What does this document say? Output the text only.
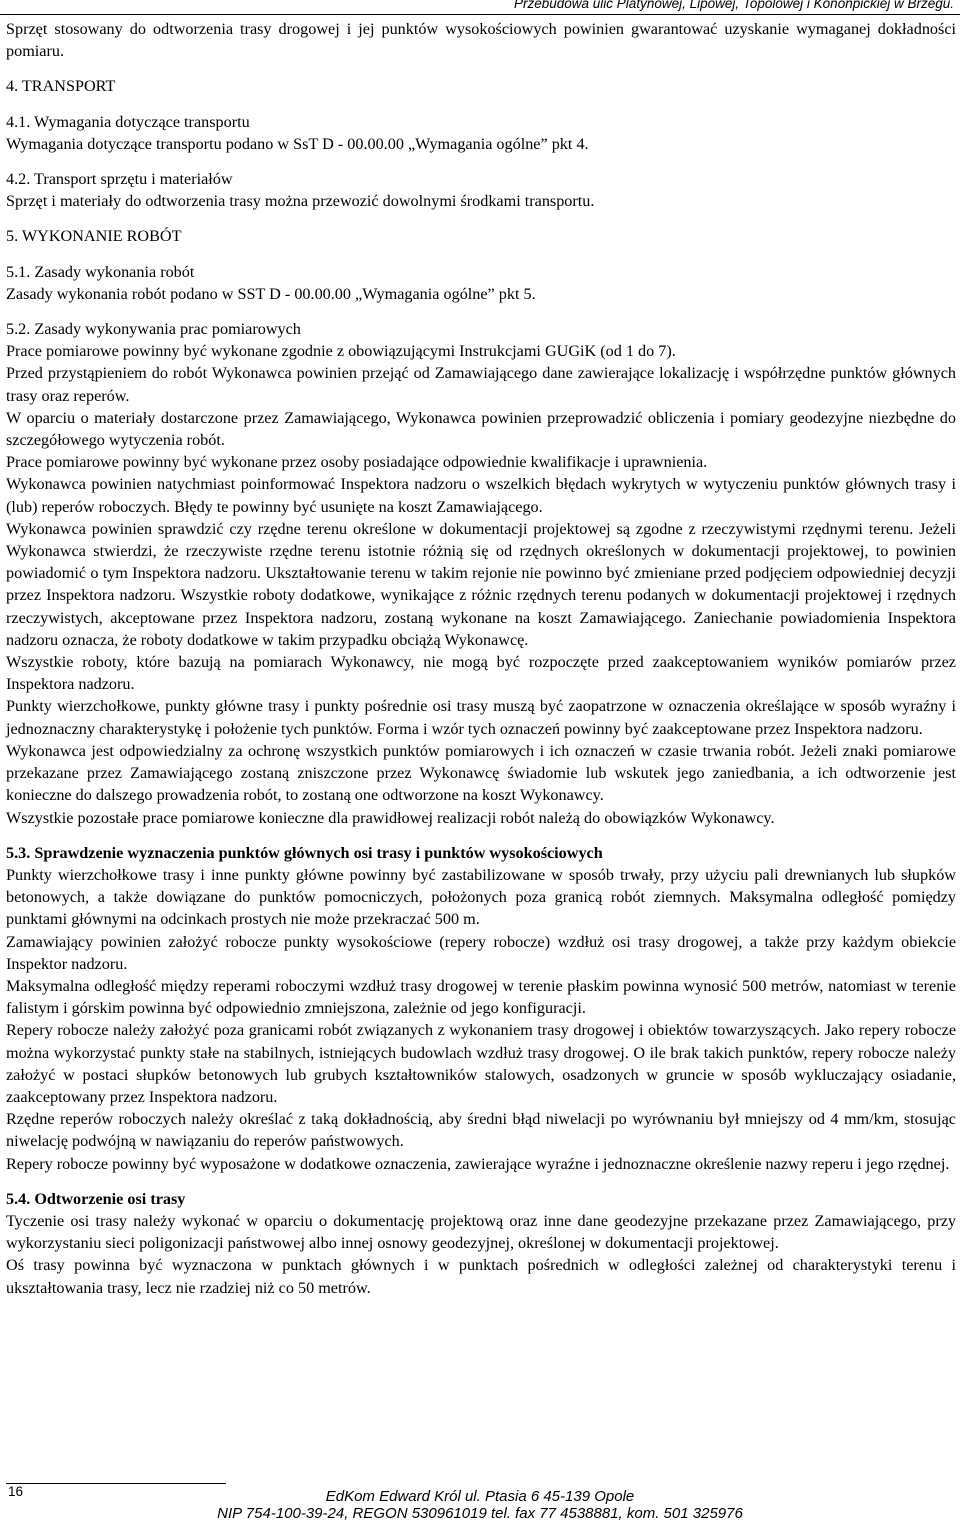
Przebudowa ulic Platynowej, Lipowej, Topolowej i Kononpickiej w Brzegu.

Sprzęt stosowany do odtworzenia trasy drogowej i jej punktów wysokościowych powinien gwarantować uzyskanie wymaganej dokładności pomiaru.

4. TRANSPORT

4.1. Wymagania dotyczące transportu

Wymagania dotyczące transportu podano w SsT D - 00.00.00 „Wymagania ogólne” pkt 4.

4.2. Transport sprzętu i materiałów

Sprzęt i materiały do odtworzenia trasy można przewozić dowolnymi środkami transportu.

5. WYKONANIE ROBÓT

5.1. Zasady wykonania robót

Zasady wykonania robót podano w SST D - 00.00.00 „Wymagania ogólne” pkt 5.

5.2. Zasady wykonywania prac pomiarowych

Prace pomiarowe powinny być wykonane zgodnie z obowiązującymi Instrukcjami GUGiK (od 1 do 7).

Przed przystąpieniem do robót Wykonawca powinien przejąć od Zamawiającego dane zawierające lokalizację i współrzędne punktów głównych trasy oraz reperów.

W oparciu o materiały dostarczone przez Zamawiającego, Wykonawca powinien przeprowadzić obliczenia i pomiary geodezyjne niezbędne do szczegółowego wytyczenia robót.

Prace pomiarowe powinny być wykonane przez osoby posiadające odpowiednie kwalifikacje i uprawnienia.

Wykonawca powinien natychmiast poinformować Inspektora nadzoru o wszelkich błędach wykrytych w wytyczeniu punktów głównych trasy i (lub) reperów roboczych. Błędy te powinny być usunięte na koszt Zamawiającego.

Wykonawca powinien sprawdzić czy rzędne terenu określone w dokumentacji projektowej są zgodne z rzeczywistymi rzędnymi terenu. Jeżeli Wykonawca stwierdzi, że rzeczywiste rzędne terenu istotnie różnią się od rzędnych określonych w dokumentacji projektowej, to powinien powiadomić o tym Inspektora nadzoru. Ukształtowanie terenu w takim rejonie nie powinno być zmieniane przed podjęciem odpowiedniej decyzji przez Inspektora nadzoru. Wszystkie roboty dodatkowe, wynikające z różnic rzędnych terenu podanych w dokumentacji projektowej i rzędnych rzeczywistych, akceptowane przez Inspektora nadzoru, zostaną wykonane na koszt Zamawiającego. Zaniechanie powiadomienia Inspektora nadzoru oznacza, że roboty dodatkowe w takim przypadku obciążą Wykonawcę.

Wszystkie roboty, które bazują na pomiarach Wykonawcy, nie mogą być rozpoczęte przed zaakceptowaniem wyników pomiarów przez Inspektora nadzoru.

Punkty wierzchołkowe, punkty główne trasy i punkty pośrednie osi trasy muszą być zaopatrzone w oznaczenia określające w sposób wyraźny i jednoznaczny charakterystykę i położenie tych punktów. Forma i wzór tych oznaczeń powinny być zaakceptowane przez Inspektora nadzoru.

Wykonawca jest odpowiedzialny za ochronę wszystkich punktów pomiarowych i ich oznaczeń w czasie trwania robót. Jeżeli znaki pomiarowe przekazane przez Zamawiającego zostaną zniszczone przez Wykonawcę świadomie lub wskutek jego zaniedbania, a ich odtworzenie jest konieczne do dalszego prowadzenia robót, to zostaną one odtworzone na koszt Wykonawcy.

Wszystkie pozostałe prace pomiarowe konieczne dla prawidłowej realizacji robót należą do obowiązków Wykonawcy.

5.3. Sprawdzenie wyznaczenia punktów głównych osi trasy i punktów wysokościowych

Punkty wierzchołkowe trasy i inne punkty główne powinny być zastabilizowane w sposób trwały, przy użyciu pali drewnianych lub słupków betonowych, a także dowiązane do punktów pomocniczych, położonych poza granicą robót ziemnych. Maksymalna odległość pomiędzy punktami głównymi na odcinkach prostych nie może przekraczać 500 m.

Zamawiający powinien założyć robocze punkty wysokościowe (repery robocze) wzdłuż osi trasy drogowej, a także przy każdym obiekcie Inspektor nadzoru.

Maksymalna odległość między reperami roboczymi wzdłuż trasy drogowej w terenie płaskim powinna wynosić 500 metrów, natomiast w terenie falistym i górskim powinna być odpowiednio zmniejszona, zależnie od jego konfiguracji.

Repery robocze należy założyć poza granicami robót związanych z wykonaniem trasy drogowej i obiektów towarzyszących. Jako repery robocze można wykorzystać punkty stałe na stabilnych, istniejących budowlach wzdłuż trasy drogowej. O ile brak takich punktów, repery robocze należy założyć w postaci słupków betonowych lub grubych kształtowników stalowych, osadzonych w gruncie w sposób wykluczający osiadanie, zaakceptowany przez Inspektora nadzoru.

Rzędne reperów roboczych należy określać z taką dokładnością, aby średni błąd niwelacji po wyrównaniu był mniejszy od 4 mm/km, stosując niwelację podwójną w nawiązaniu do reperów państwowych.

Repery robocze powinny być wyposażone w dodatkowe oznaczenia, zawierające wyraźne i jednoznaczne określenie nazwy reperu i jego rzędnej.

5.4. Odtworzenie osi trasy

Tyczenie osi trasy należy wykonać w oparciu o dokumentację projektową oraz inne dane geodezyjne przekazane przez Zamawiającego, przy wykorzystaniu sieci poligonizacji państwowej albo innej osnowy geodezyjnej, określonej w dokumentacji projektowej.

Oś trasy powinna być wyznaczona w punktach głównych i w punktach pośrednich w odległości zależnej od charakterystyki terenu i ukształtowania trasy, lecz nie rzadziej niż co 50 metrów.

16	EdKom Edward Król ul. Ptasia 6 45-139 Opole
NIP 754-100-39-24, REGON 530961019 tel. fax 77 4538881, kom. 501 325976
